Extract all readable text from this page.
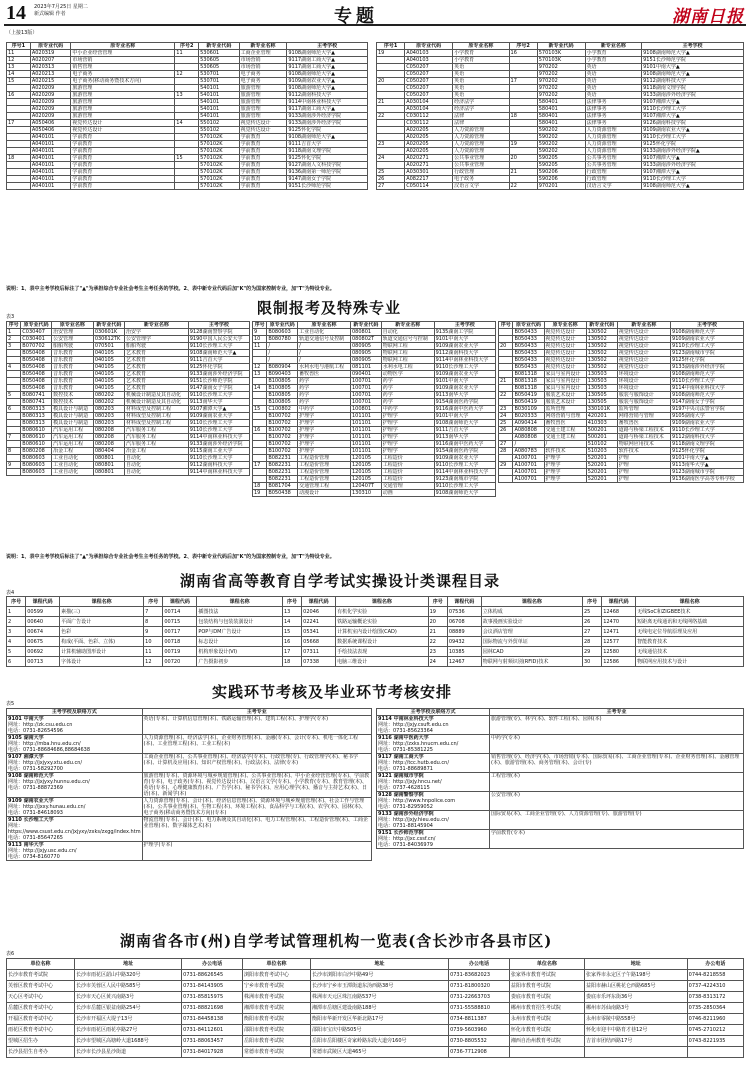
14 2023年7月25日 星期二
新式编辑 作者	专题	湖南日报
（上接13版）
序号1	原专业代码	原专业名称	序号2	新专业代码	新专业名称	主考学校
11	A020319	中小企业经营管理	11	530601	工商企业管理	9108湖南师范大学▲
12	A020207	市场营销		530605	市场营销	9117湖南工商大学▲
13	A020313	销售管理		530605	市场营销	9117湖南工商大学▲
14	A020213	电子商务	12	530701	电子商务	9108湖南师范大学▲
15	A020215	电子商务(移动商务暨技术方向)		530701	电子商务	9109湖南农业大学▲
	A020209	旅游管理		540101	旅游管理	9108湖南师范大学▲
16	A020209	旅游管理	13	540101	旅游管理	9112湖南科技大学
	A020209	旅游管理		540101	旅游管理	9114中南林业科技大学
	A020209	旅游管理		540101	旅游管理	9117湖南工商大学▲
	A020209	旅游管理		540101	旅游管理	9133湖南涉外经济学院
17	A050406	视觉传达设计	14	550102	视觉传达设计	9133湖南涉外经济学院
	A050406	视觉传达设计		550102	视觉传达设计	9125怀化学院
	A040101	学前教育		570102K	学前教育	9108湖南师范大学▲
	A040101	学前教育		570102K	学前教育	9111吉首大学
	A040101	学前教育		570102K	学前教育	9118湖南文理学院
18	A040101	学前教育	15	570102K	学前教育	9125怀化学院
	A040101	学前教育		570102K	学前教育	9127湖南人文科技学院
	A040101	学前教育		570102K	学前教育	9136湖南第一师范学院
	A040101	学前教育		570102K	学前教育	9147湖南女子学院
	A040101	学前教育		570102K	学前教育	9151长沙师范学院
序号1	原专业代码	原专业名称	序号2	新专业代码	新专业名称	主考学校
19	A040103	小学教育	16	570103K	小学教育	9108湖南师范大学▲
	A040103	小学教育		570103K	小学教育	9151长沙师范学院
	C050207	英语		970202	英语	9101中南大学▲
	C050207	英语		970202	英语	9108湖南师范大学▲
20	C050207	英语	17	970202	英语	9112湖南科技大学
	C050207	英语		970202	英语	9118湖南文理学院
	C050207	英语		970202	英语	9133湖南涉外经济学院
21	A030104	经济法学		580401	法律事务	9107湘潭大学▲
	A030104	经济法学		580401	法律事务	9110长沙理工大学
22	C030112	法律	18	580401	法律事务	9107湘潭大学▲
	C030112	法律		580401	法律事务	9126湖南科技学院
	A020205	人力资源管理		590202	人力资源管理	9109湖南农业大学▲
	A020205	人力资源管理		590202	人力资源管理	9110长沙理工大学
23	A020205	人力资源管理	19	590202	人力资源管理	9125怀化学院
	A020205	人力资源管理		590202	人力资源管理	9133湖南涉外经济学院▲
24	A020271	公共事业管理	20	590205	公共事务管理	9107湘潭大学▲
	A020271	公共事业管理		590205	公共事务管理	9133湖南涉外经济学院
25	A030301	行政管理	21	590206	行政管理	9107湘潭大学▲
26	A082217	电子政务		590206	行政管理	9110长沙理工大学
27	C050114	汉语言文学	22	970201	汉语言文学	9108湖南师范大学▲
说明：1、表中主考学校后标注了"▲"为承担综合专业社会考生主考任务的学校。2、表中新专业代码后加"K"的为国家控制专业，加"T"为特设专业。
限制报考及特殊专业
表3
序号	原专业代码	原专业名称	新专业代码	新专业名称	主考学校
1	C030407	治安管理	030601K	治安学	9128湖南警察学院
2	C030401	公安管理	030612TK	公安管理学	9190中国人民公安大学
3	B070702	船舶驾驶	070501	船舶驾驶	9110长沙理工大学
	B050408	音乐教育	040105	艺术教育	9108湖南师范大学▲
	B050408	音乐教育	040105	艺术教育	9111吉首大学
4	B050408	音乐教育	040105	艺术教育	9125怀化学院
	B050408	音乐教育	040105	艺术教育	9133湖南涉外经济学院
	B050408	音乐教育	040105	艺术教育	9151长沙师范学院
	B050408	音乐教育	040105	艺术教育	9147湖南女子学院
5	B080741	数控技术	080202	机械设计制造及其自动化	9110长沙理工大学
	B080741	数控技术	080202	机械设计制造及其自动化	9113南华大学
6	B080313	模具设计与制造	080203	材料成型及控制工程	9107湘潭大学▲
	B080313	模具设计与制造	080203	材料成型及控制工程	9109湖南农业大学
	B080313	模具设计与制造	080203	材料成型及控制工程	9110长沙理工大学
	B080610	汽车运用工程	080208	汽车服务工程	9110长沙理工大学
7	B080610	汽车运用工程	080208	汽车服务工程	9114中南林业科技大学
	B080610	汽车运用工程	080208	汽车服务工程	9133湖南涉外经济学院
8	B080208	冶金工程	080404	冶金工程	9115湖南工业大学
	B080603	工业自动化	080801	自动化	9110长沙理工大学
9	B080603	工业自动化	080801	自动化	9112湖南科技大学
	B080603	工业自动化	080801	自动化	9114中南林业科技大学
序号	原专业代码	原专业名称	新专业代码	新专业名称	主考学校
9	B080603	工业自动化	080801	自动化	9135湖南工学院
10	B080780	轨道交通信号及控制	080802T	轨道交通信号与控制	9101中南大学
11	/	/	080905	物联网工程	9109湖南农业大学
	/	/	080905	物联网工程	9112湖南科技大学
	/	/	080905	物联网工程	9114中南林业科技大学
12	B080904	水利水电与港航工程	081101	水利水电工程	9110长沙理工大学
13	B090403	畜牧兽医	090401	动物医学	9109湖南农业大学
	B100805	药学	100701	药学	9101中南大学
14	B100805	药学	100701	药学	9109湖南农业大学
	B100805	药学	100701	药学	9113南华大学
	B100805	药学	100701	药学	9154湖南医药学院
15	C100802	中药学	100801	中药学	9116湖南中医药大学
	B100702	护理学	101101	护理学	9101中南大学
	B100702	护理学	101101	护理学	9108湖南师范大学
16	B100702	护理学	101101	护理学	9111吉首大学
	B100702	护理学	101101	护理学	9113南华大学
	B100702	护理学	101101	护理学	9116湖南中医药大学
	B100702	护理学	101101	护理学	9154湖南医药学院
	B082231	工程造价管理	120105	工程造价	9109湖南农业大学
17	B082231	工程造价管理	120105	工程造价	9110长沙理工大学
	B082231	工程造价管理	120105	工程造价	9114中南林业科技大学
	B082231	工程造价管理	120105	工程造价	9123湖南城市学院
18	B081704	交通管理工程	120407T	交通管理	9110长沙理工大学
19	B050438	动漫设计	130310	动画	9108湖南师范大学
序号	原专业代码	原专业名称	新专业代码	新专业名称	主考学校
	B050433	视觉传达设计	130502	视觉传达设计	9108湖南师范大学
	B050433	视觉传达设计	130502	视觉传达设计	9109湖南农业大学
20	B050433	视觉传达设计	130502	视觉传达设计	9110长沙理工大学
	B050433	视觉传达设计	130502	视觉传达设计	9123湖南城市学院
	B050433	视觉传达设计	130502	视觉传达设计	9125怀化学院
	B050433	视觉传达设计	130502	视觉传达设计	9133湖南涉外经济学院
	B081318	家具与室内设计	130503	环境设计	9108湖南师范大学
21	B081318	家具与室内设计	130503	环境设计	9110长沙理工大学
	B081318	家具与室内设计	130503	环境设计	9114中南林业科技大学
22	B050419	服装艺术设计	130505	服装与服饰设计	9108湖南师范大学
	B050419	服装艺术设计	130505	服装与服饰设计	9147湖南女子学院
23	B030109	监所管理	330101K	监所管理	9197中央司法警官学院
24	B020333	网络营销与管理	420201	网络营销与管理	9105湖南大学
25	A090414	畜牧兽医	410303	畜牧兽医	9109湖南农业大学
26	A080808	交通土建工程	500201	道路与桥梁工程技术	9110长沙理工大学
	A080808	交通土建工程	500201	道路与桥梁工程技术	9112湖南科技大学
27	/	/	510102	物联网应用技术	9118湖南文理学院
28	A080783	软件技术	510203	软件技术	9125怀化学院
	A100701	护理学	520201	护理	9101中南大学▲
29	A100701	护理学	520201	护理	9113南华大学▲
	A100701	护理学	520201	护理	9123湖南城市学院
	A100701	护理学	520201	护理	9136湖南医学高等专科学校
说明：1、表中主考学校后标注了"▲"为承担综合专业社会考生主考任务的学校。2、表中新专业代码后加"K"的为国家控制专业，加"T"为特设专业。
湖南省高等教育自学考试实操设计类课程目录
表4
序号	课程代码	课程名称	序号	课程代码	课程名称	序号	课程代码	课程名称	序号	课程代码	课程名称	序号	课程代码	课程名称
1	00599	素描(三)	7	00714	插图技法	13	02046	有机化学实验	19	07536	立体构成	25	12468	无线SoC和ZIGBEE技术
2	00640	平面广告设计	8	00715	包装结构与包装装潢设计	14	02241	铁路运输概论实验	20	06708	故事漫画实验设计	26	12470	短距离无线通讯和无线网络基础
3	00674	色彩	9	00717	POP与DM广告设计	15	05341	计算机室内设计绘图(CAD)	21	08889	会议酒店管理	27	12471	无线电定位导航原理及应用
4	00675	构成(平面、色彩、立体)	10	00718	标志设计	16	05668	数据系统课程设计	22	09432	国际物流与外贸单证	28	12577	智能教育技术
5	00692	计算机辅助图形设计	11	00719	机构形象设计(VI)	17	07311	手绘技法表现	23	10385	园林CAD	29	12580	无线通信技术
6	00713	字体设计	12	00720	广告摄影初步	18	07338	电脑三维设计	24	12467	物联网与射频识别(RFID)技术	30	12586	物联网应用技术与设计
实践环节考核及毕业环节考核安排
表5
主考学校及联络方式	主考专业

9101 中南大学
网址：http://zk.csu.edu.cn
电话：0731-82654596	英语(专本)、计算机信息管理(本)、铁路运输管理(本)、建筑工程(本)、护理学(专本)

9105 湖南大学
网址：http://mba.hnu.edu.cn/
电话：0731-88684686,88684638	人力资源管理(本)、经济法学(本)、企业财务管理(本)、金融(专本)、会计(专本)、机电一体化工程(本)、工业管理工程(本)、工业工程(本)

9107 湘潭大学
网址：http://jxjyxy.xtu.edu.cn/
电话：0731-58292700	工商企业管理(本)、公共事业管理(本)、经济法学(专本)、行政管理(专)、行政管理学(本)、秘书学(本)、计算机及应用(本)、知识产权管理(本)、行政法(本)、法律(专本)

9108 湖南师范大学
网址：http://jxjyxy.hunnu.edu.cn/
电话：0731-88872369	旅游管理(专本)、资源环境与城乡规划管理(本)、公共事业管理(本)、中小企业经营管理(专本)、学前教育(专本)、电子政务(专本)、视觉传达设计(本)、汉语言文学(专本)、小学教育(专本)、教育管理(本)、英语(专本)、心理健康教育(本)、广告学(本)、秘书学(本)、应用心理学(本)、播音与主持艺术(本)、日语(本)、新闻学(本)

9109 湖南农业大学
网址：http://jxxy.hunau.edu.cn/
电话：0731-84618093	人力资源管理(专本)、会计(本)、经济信息管理(本)、资源环境与城乡规划管理(本)、社会工作与管理(本)、公共事业管理(本)、生物工程(本)、环境工程(本)、食品科学与工程(本)、农学(本)、园林(本)、电子商务(移动商务暨技术方向)(专本)

9110 长沙理工大学
网址：https://www.csust.edu.cn/jxjyxy/zxks/zxgg/index.htm
电话：0731-85647265	物流管理(专本)、会计(本)、电力系统及其自动化(本)、电力工程管理(本)、工程造价管理(本)、工商企业管理(本)、数字媒体艺术(本)

9113 南华大学
网址：http://jxjy.usc.edu.cn/
电话：0734-8160770	护理学(专本)
主考学校及联络方式	主考专业

9114 中南林业科技大学
网址：http://jxjy.csuft.edu.cn
电话：0731-85623364	旅游管理(专)、林学(本)、软件工程(本)、园林(本)

9116 湖南中医药大学
网址：http://zxks.hnucm.edu.cn/
电话：0731-85381225	中药学(专本)

9117 湖南工商大学
网址：http://tcc.hutb.edu.cn/
电话：0731-88689871	销售管理(专)、经济学(本)、市场营销(专本)、国际贸易(本)、工商企业管理(专本)、企业财务管理(本)、金融管理(本)、旅游管理(本)、商务管理(本)、会计(专)

9121 湖南城市学院
网址：http://jxjy.hncu.net/
电话：0737-4628115	工程管理(本)

9128 湖南警察学院
网址：http://www.hnpolice.com
电话：0731-82959052	公安管理(本)

9133 湖南涉外经济学院
网址：http://jxjy.hieu.edu.cn/
电话：0731-88145904	国际贸易(本)、工商企业管理(专)、人力资源管理(专)、旅游管理(专)

9151 长沙师范学院
网址：http://jxc.cssf.cn/
电话：0731-84036979	学前教育(专本)
湖南省各市(州)自学考试管理机构一览表(含长沙市各县市区)
表6
单位名称	地址	办公电话	单位名称	地址	办公电话	单位名称	地址	办公电话
长沙市教育考试院	长沙市雨花区韶山中路320号	0731-88626545	浏阳市教育考试中心	长沙市浏阳市白沙中路49号	0731-83682023	张家界市教育考试院	张家界市永定区子午路198号	0744-8218558
芙蓉区教育考试中心	长沙市芙蓉区人民中路585号	0731-84143905	宁乡市教育考试院	长沙市宁乡市玉潭街道东沩西路38号	0731-81800320	益阳市教育考试院	益阳市赫山区桃花仑西路685号	0737-4224310
天心区考试中心	长沙市天心区黄兴南路3号	0731-85815975	株洲市教育考试院	株洲市天元区珠江南路537号	0731-22663703	娄底市教育考试院	娄底市乐坪东街36号	0738-8313172
岳麓区教育考试中心	长沙市岳麓区银盆南路254号	0731-88821698	湘潭市教育考试院	湘潭市岳塘区建设南路188号	0731-55588810	郴州市教育招生考试院	郴州市苏仙南路3号	0735-2850364
开福区教育考试中心	长沙市开福区大堤子13号	0731-84458138	衡阳市教育考试院	衡阳市华新开发区华新北路17号	0734-8811387	永州市教育考试院	永州市零陵中路558号	0746-8211960
雨花区教育考试中心	长沙市雨花区雨花亭路27号	0731-84112601	邵阳市教育考试院	邵阳市宝庆中路505号	0739-5603960	怀化市教育考试院	怀化市迎丰中路育才巷12号	0745-2710212
望城区招生办	长沙市望城区高塘岭大道1688号	0731-88063457	岳阳市教育考试院	岳阳市岳阳楼区奇家岭路东段大道旁160号	0730-8805532	湘西自治州教育考试院	吉首市团结西路17号	0743-8221935
长沙县招生自考办	长沙市长沙县星沙街道	0731-84017928	常德市教育考试院	常德市武陵区大道465号	0736-7712908			
